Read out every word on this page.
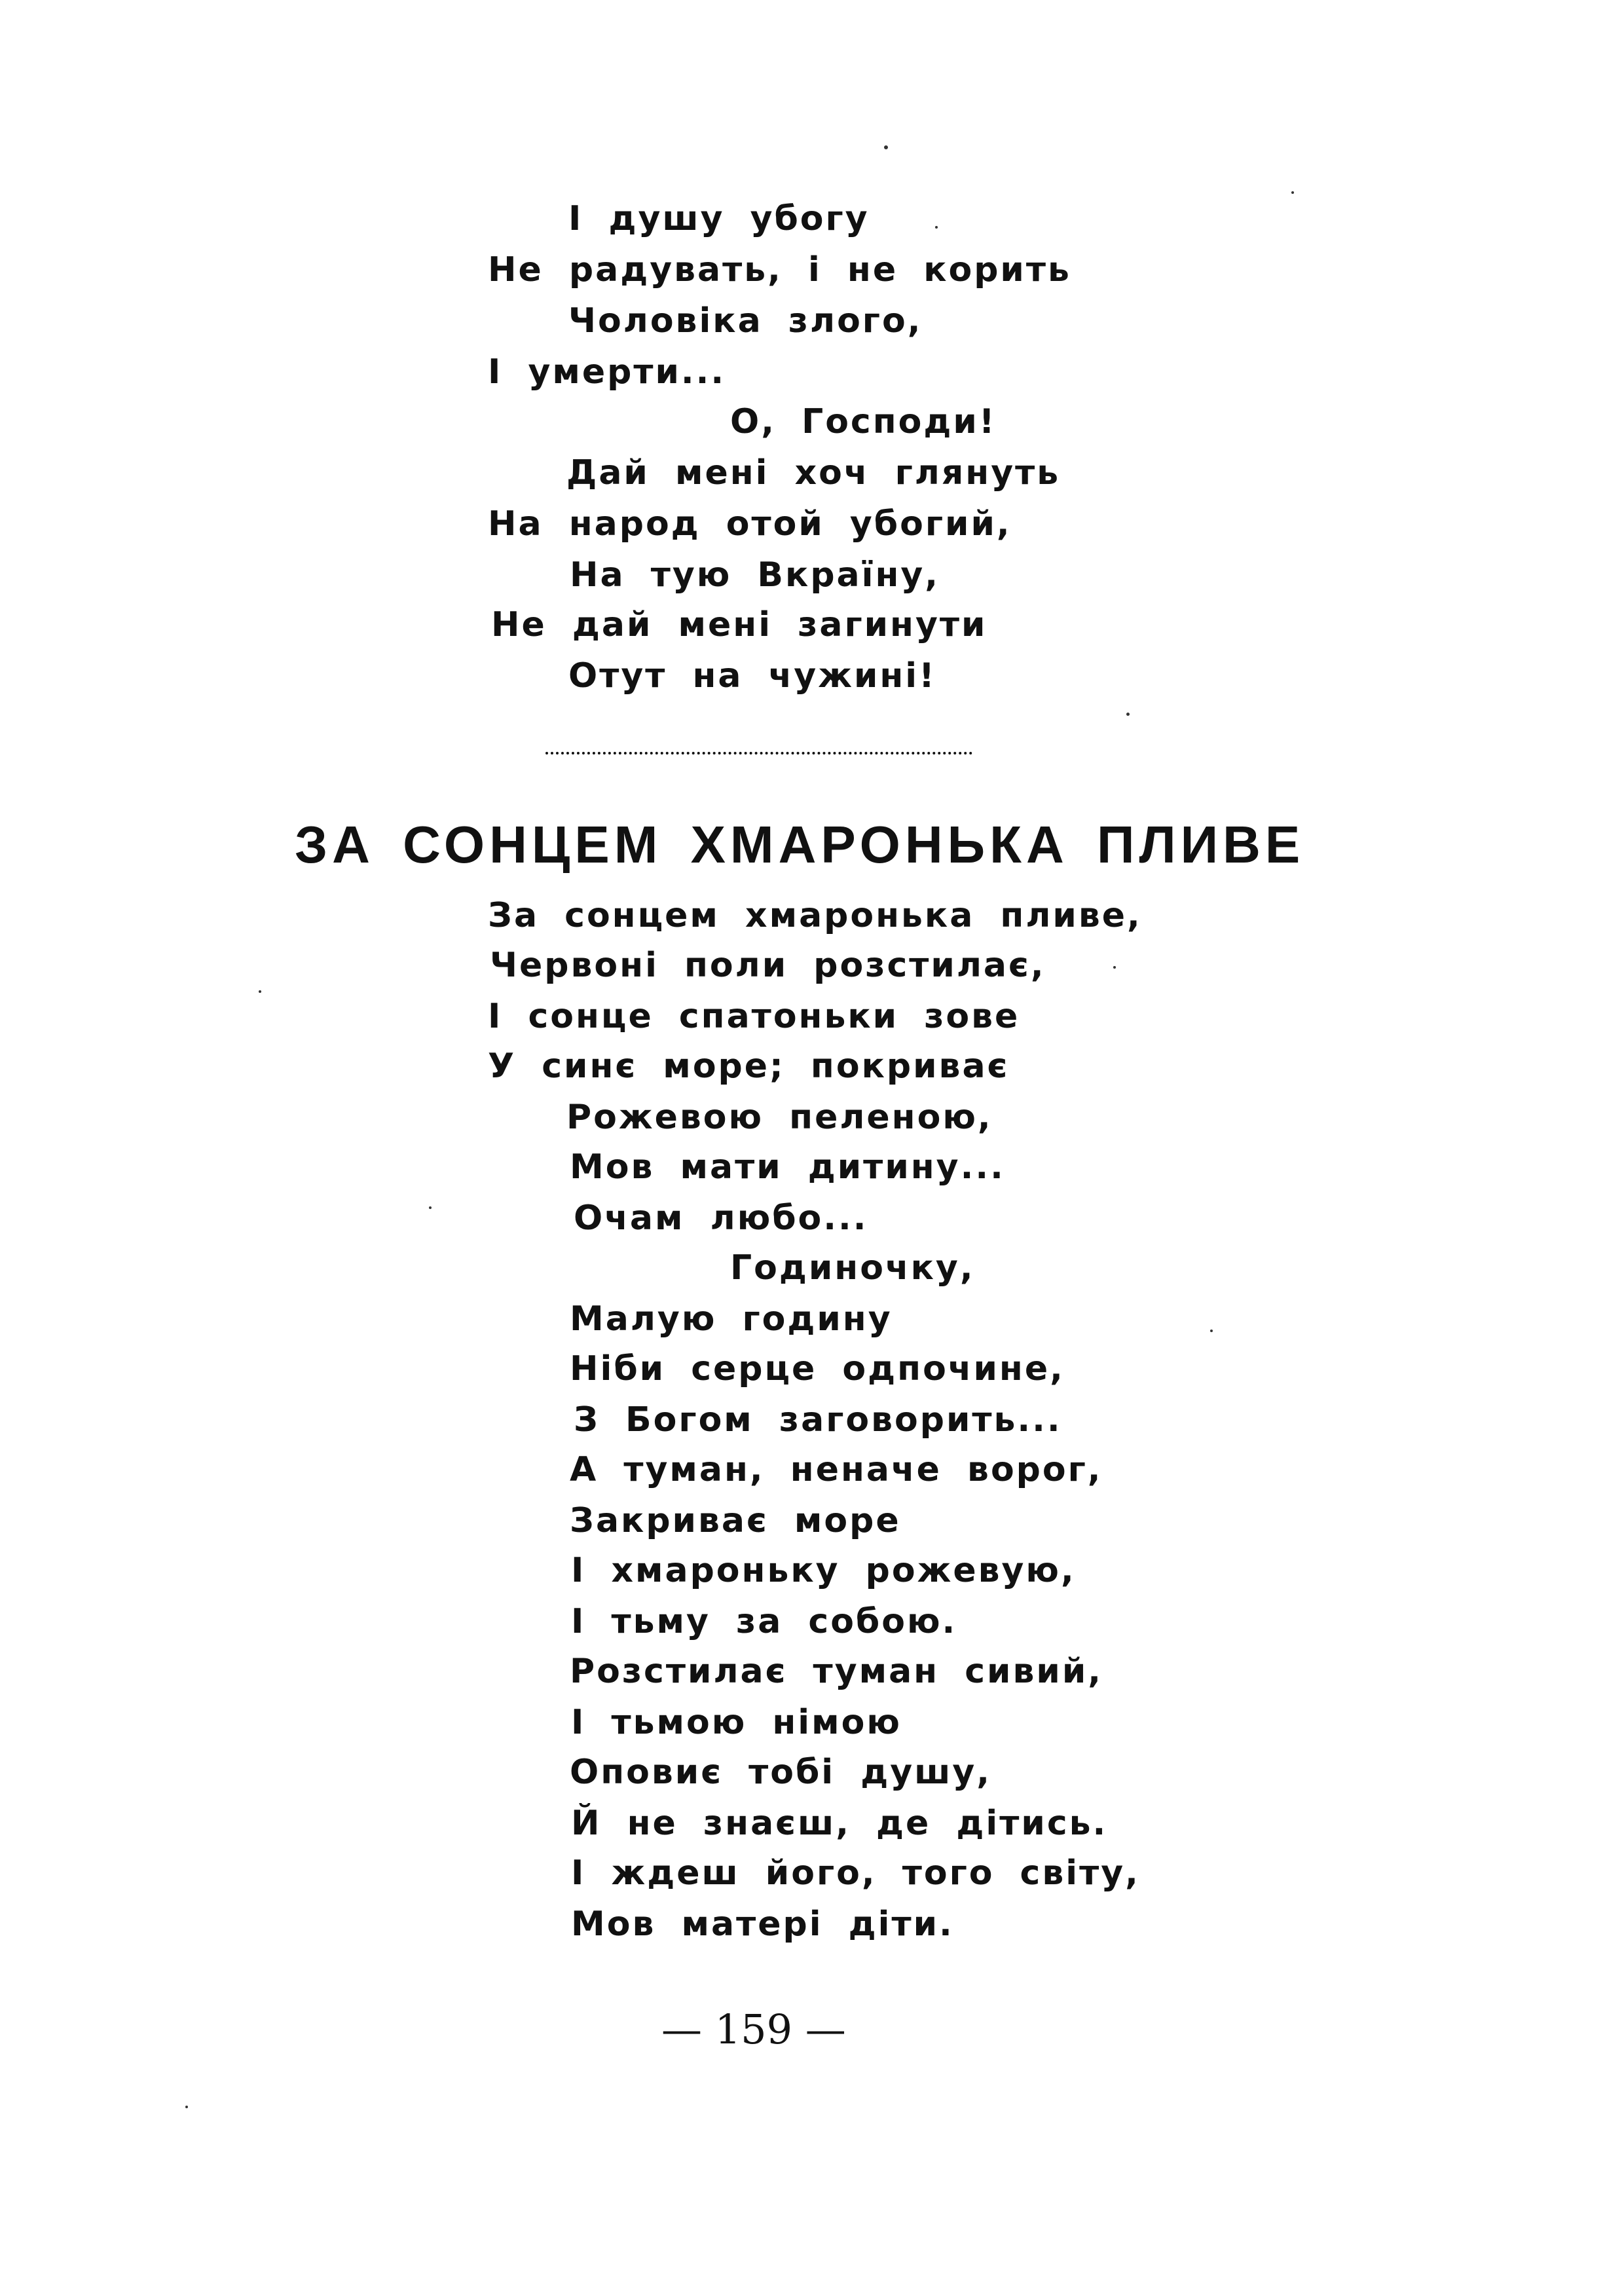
І душу убогу
Не радувать, і не корить
Чоловіка злого,
І умерти...
О, Господи!
Дай мені хоч глянуть
На народ отой убогий,
На тую Вкраїну,
Не дай мені загинути
Отут на чужині!
ЗА СОНЦЕМ ХМАРОНЬКА ПЛИВЕ
За сонцем хмаронька пливе,
Червоні поли розстилає,
І сонце спатоньки зове
У синє море; покриває
Рожевою пеленою,
Мов мати дитину...
Очам любо...
Годиночку,
Малую годину
Ніби серце одпочине,
З Богом заговорить...
А туман, неначе ворог,
Закриває море
І хмароньку рожевую,
І тьму за собою.
Розстилає туман сивий,
І тьмою німою
Оповиє тобі душу,
Й не знаєш, де дітись.
І ждеш його, того світу,
Мов матері діти.
— 159 —
